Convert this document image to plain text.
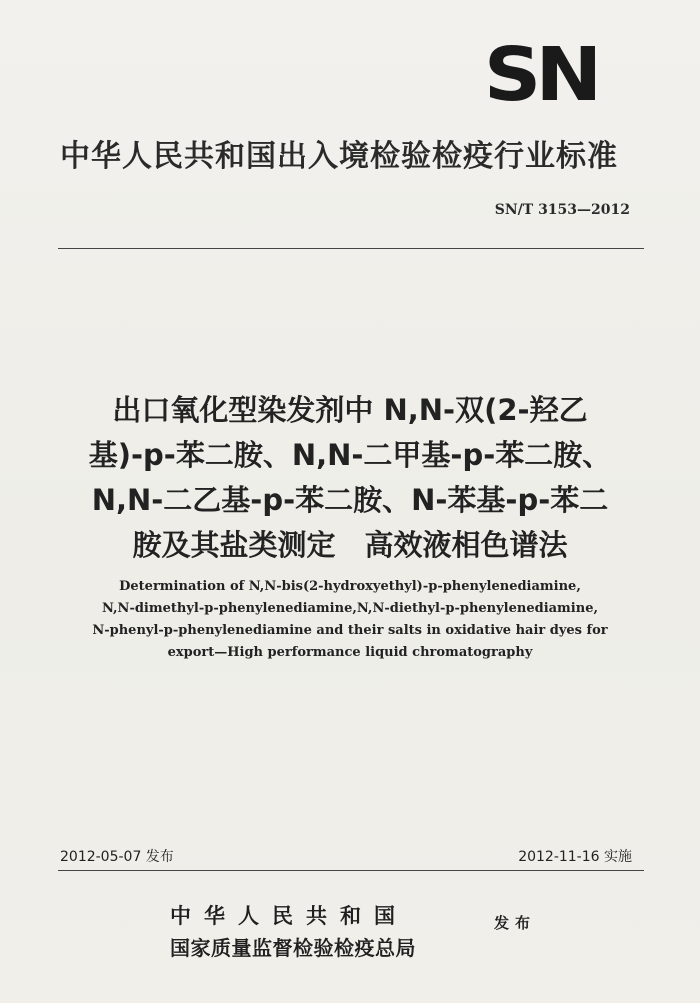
SN
中华人民共和国出入境检验检疫行业标准
SN/T 3153—2012
出口氧化型染发剂中 N,N-双(2-羟乙
基)-p-苯二胺、N,N-二甲基-p-苯二胺、
N,N-二乙基-p-苯二胺、N-苯基-p-苯二
胺及其盐类测定　高效液相色谱法
Determination of N,N-bis(2-hydroxyethyl)-p-phenylenediamine,
N,N-dimethyl-p-phenylenediamine,N,N-diethyl-p-phenylenediamine,
N-phenyl-p-phenylenediamine and their salts in oxidative hair dyes for
export—High performance liquid chromatography
2012-05-07 发布	2012-11-16 实施
中华人民共和国
国家质量监督检验检疫总局
发布
